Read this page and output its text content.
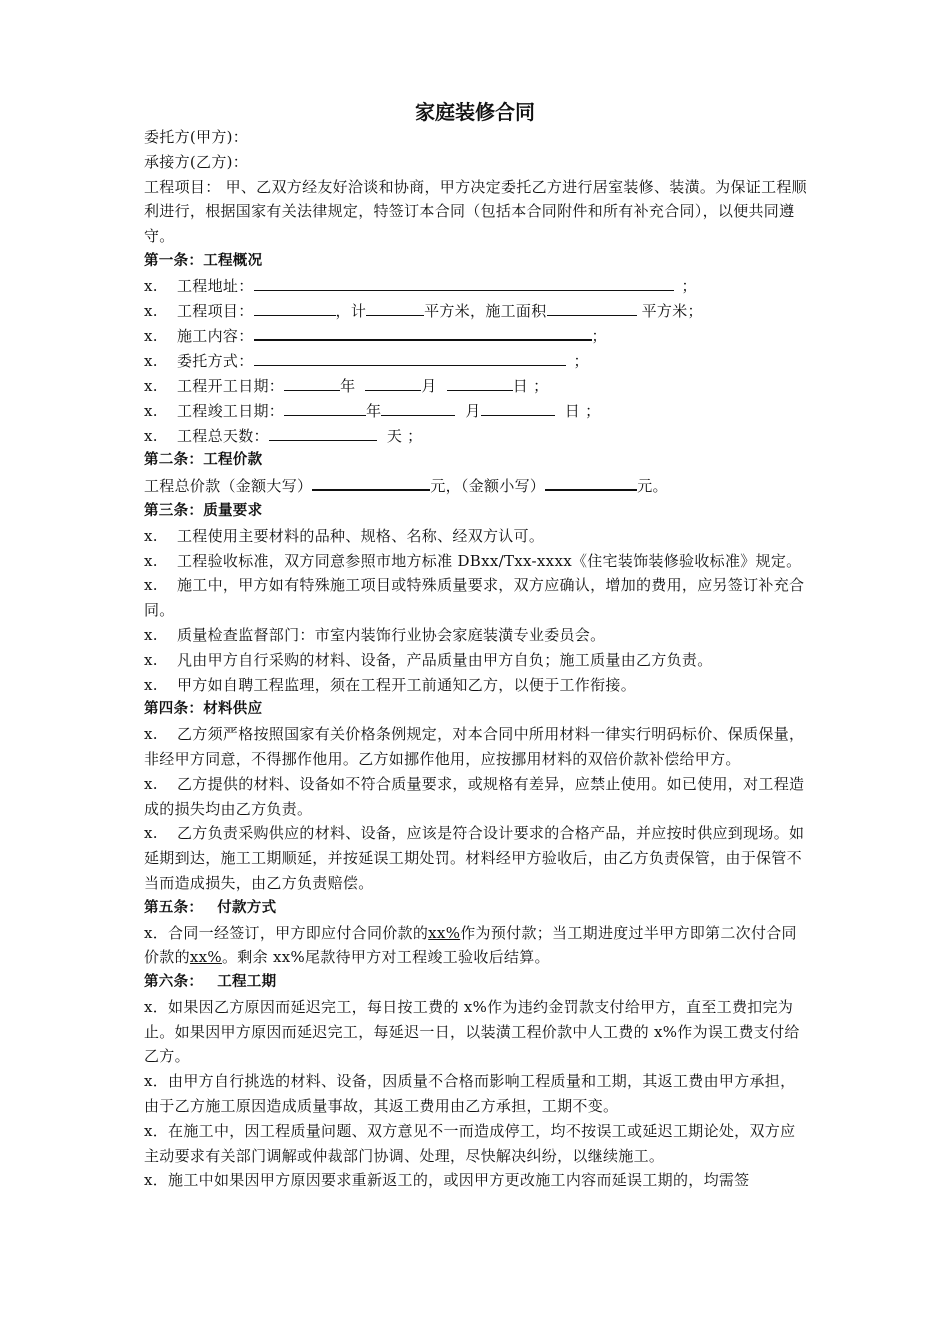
家庭装修合同

委托方(甲方)：

承接方(乙方)：

工程项目： 甲、乙双方经友好洽谈和协商，甲方决定委托乙方进行居室装修、装潢。为保证工程顺利进行，根据国家有关法律规定，特签订本合同（包括本合同附件和所有补充合同），以便共同遵守。

第一条：工程概况

x. 工程地址：	；

x. 工程项目：	，计	平方米，施工面积	平方米；

x. 施工内容：	；

x. 委托方式：	；

x. 工程开工日期：	年	月	日 ；

x. 工程竣工日期：	年	月	日 ；

x. 工程总天数：	天 ；

第二条：工程价款

工程总价款（金额大写）	元，（金额小写）	元。

第三条：质量要求

x. 工程使用主要材料的品种、规格、名称、经双方认可。

x. 工程验收标准，双方同意参照市地方标准 DBxx/Txx-xxxx《住宅装饰装修验收标准》规定。

x. 施工中，甲方如有特殊施工项目或特殊质量要求，双方应确认，增加的费用，应另签订补充合同。

x. 质量检查监督部门：市室内装饰行业协会家庭装潢专业委员会。

x. 凡由甲方自行采购的材料、设备，产品质量由甲方自负；施工质量由乙方负责。

x. 甲方如自聘工程监理，须在工程开工前通知乙方，以便于工作衔接。

第四条：材料供应

x. 乙方须严格按照国家有关价格条例规定，对本合同中所用材料一律实行明码标价、保质保量，非经甲方同意，不得挪作他用。乙方如挪作他用，应按挪用材料的双倍价款补偿给甲方。

x. 乙方提供的材料、设备如不符合质量要求，或规格有差异，应禁止使用。如已使用，对工程造成的损失均由乙方负责。

x. 乙方负责采购供应的材料、设备，应该是符合设计要求的合格产品，并应按时供应到现场。如延期到达，施工工期顺延，并按延误工期处罚。材料经甲方验收后，由乙方负责保管，由于保管不当而造成损失，由乙方负责赔偿。

第五条： 付款方式

x．合同一经签订，甲方即应付合同价款的xx%作为预付款；当工期进度过半甲方即第二次付合同价款的xx%。剩余 xx%尾款待甲方对工程竣工验收后结算。

第六条： 工程工期

x．如果因乙方原因而延迟完工，每日按工费的 x%作为违约金罚款支付给甲方，直至工费扣完为止。如果因甲方原因而延迟完工，每延迟一日，以装潢工程价款中人工费的 x%作为误工费支付给乙方。

x．由甲方自行挑选的材料、设备，因质量不合格而影响工程质量和工期，其返工费由甲方承担，由于乙方施工原因造成质量事故，其返工费用由乙方承担，工期不变。

x．在施工中，因工程质量问题、双方意见不一而造成停工，均不按误工或延迟工期论处，双方应主动要求有关部门调解或仲裁部门协调、处理，尽快解决纠纷，以继续施工。

x．施工中如果因甲方原因要求重新返工的，或因甲方更改施工内容而延误工期的，均需签
